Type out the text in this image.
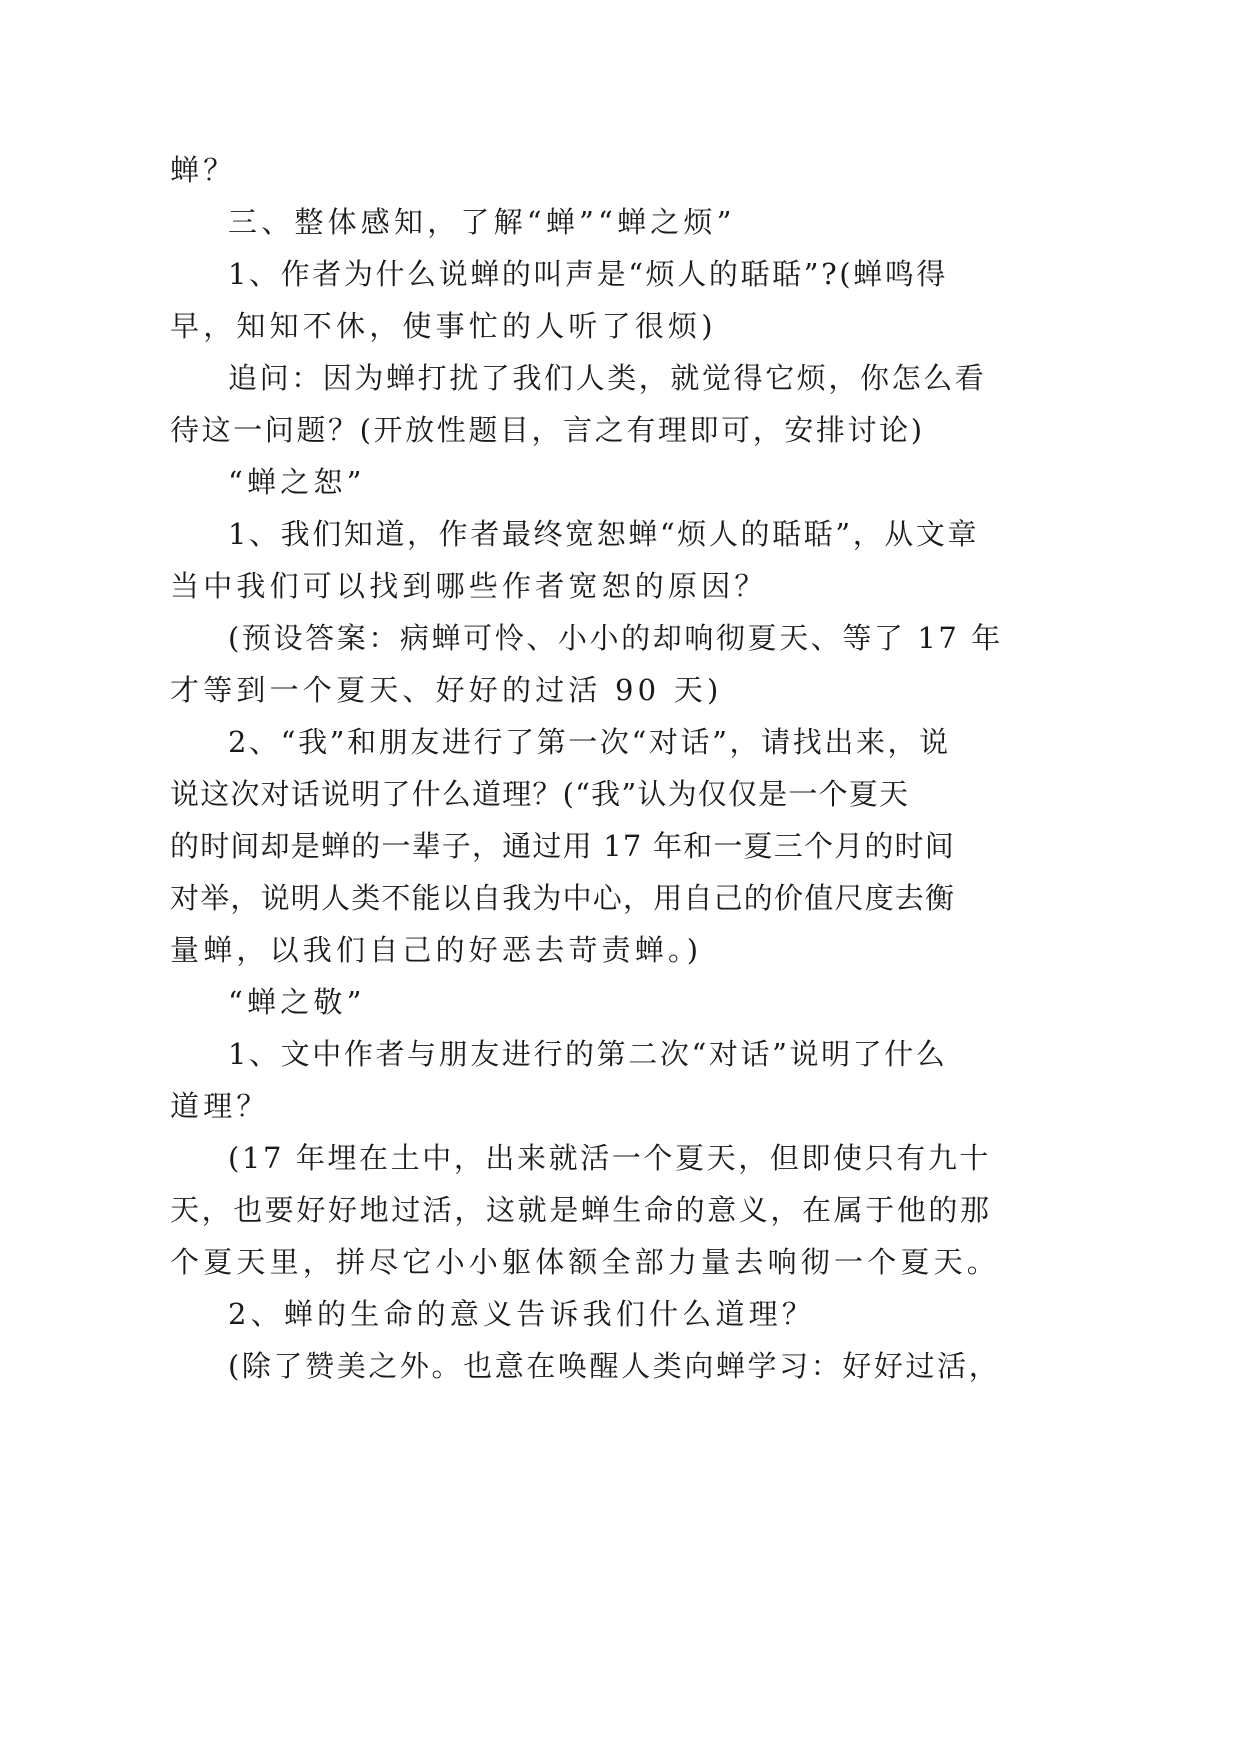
蝉？
三、整体感知，了解“蝉”“蝉之烦”
1、作者为什么说蝉的叫声是“烦人的聒聒”?(蝉鸣得
早，知知不休，使事忙的人听了很烦)
追问：因为蝉打扰了我们人类，就觉得它烦，你怎么看
待这一问题？(开放性题目，言之有理即可，安排讨论)
“蝉之恕”
1、我们知道，作者最终宽恕蝉“烦人的聒聒”，从文章
当中我们可以找到哪些作者宽恕的原因？
(预设答案：病蝉可怜、小小的却响彻夏天、等了 17 年
才等到一个夏天、好好的过活 90 天)
2、“我”和朋友进行了第一次“对话”，请找出来，说
说这次对话说明了什么道理？(“我”认为仅仅是一个夏天
的时间却是蝉的一辈子，通过用 17 年和一夏三个月的时间
对举，说明人类不能以自我为中心，用自己的价值尺度去衡
量蝉，以我们自己的好恶去苛责蝉。)
“蝉之敬”
1、文中作者与朋友进行的第二次“对话”说明了什么
道理？
(17 年埋在土中，出来就活一个夏天，但即使只有九十
天，也要好好地过活，这就是蝉生命的意义，在属于他的那
个夏天里，拼尽它小小躯体额全部力量去响彻一个夏天。
2、蝉的生命的意义告诉我们什么道理？
(除了赞美之外。也意在唤醒人类向蝉学习：好好过活，
